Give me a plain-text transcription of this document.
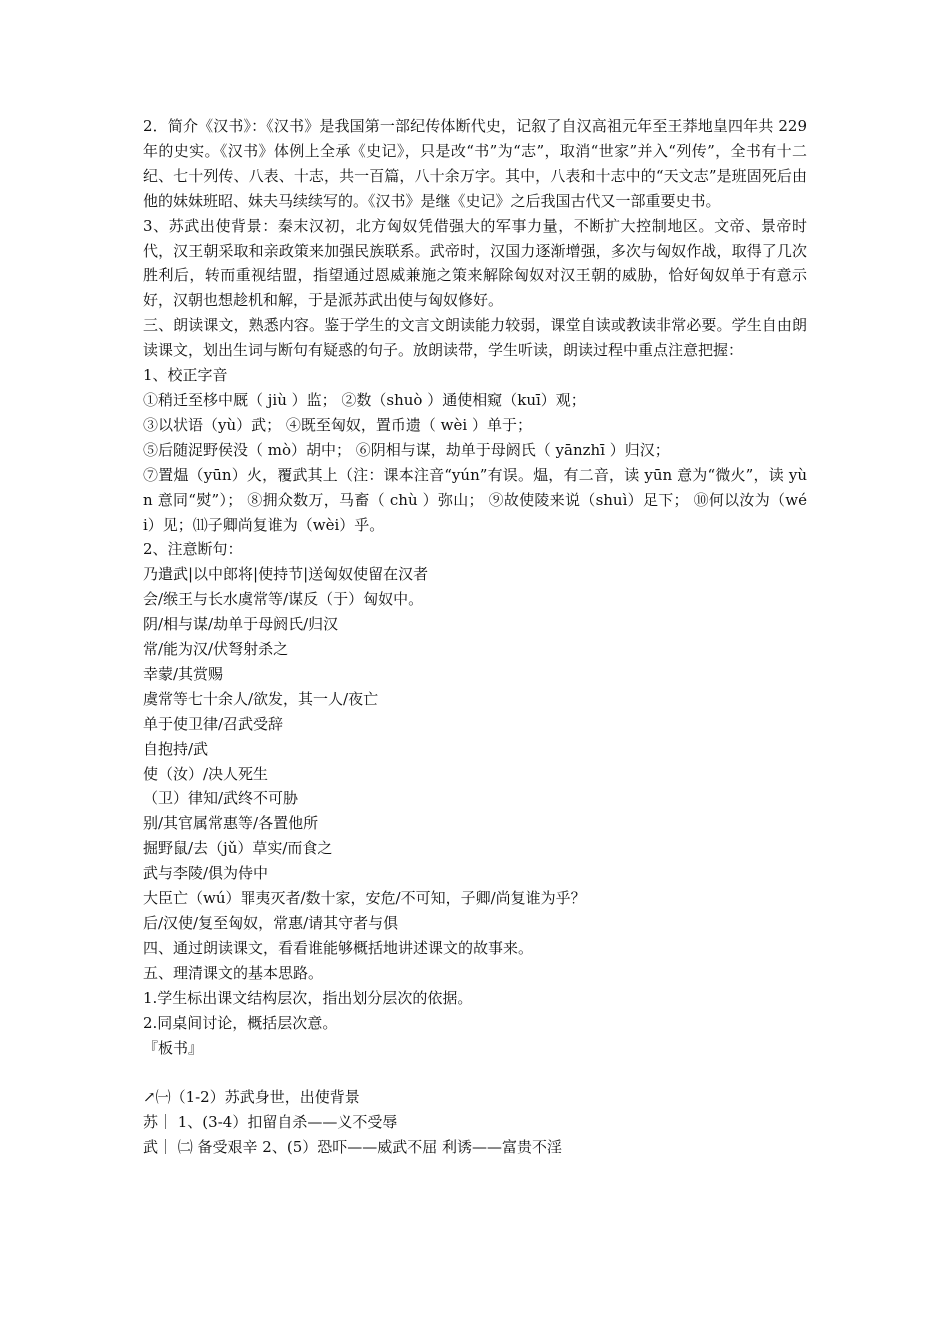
2．简介《汉书》：《汉书》是我国第一部纪传体断代史，记叙了自汉高祖元年至王莽地皇四年共 229 年的史实。《汉书》体例上全承《史记》，只是改“书”为“志”，取消“世家”并入“列传”，全书有十二纪、七十列传、八表、十志，共一百篇，八十余万字。其中，八表和十志中的“天文志”是班固死后由他的妹妹班昭、妹夫马续续写的。《汉书》是继《史记》之后我国古代又一部重要史书。

3、苏武出使背景：秦末汉初，北方匈奴凭借强大的军事力量，不断扩大控制地区。文帝、景帝时代，汉王朝采取和亲政策来加强民族联系。武帝时，汉国力逐渐增强，多次与匈奴作战，取得了几次胜利后，转而重视结盟，指望通过恩威兼施之策来解除匈奴对汉王朝的威胁，恰好匈奴单于有意示好，汉朝也想趁机和解，于是派苏武出使与匈奴修好。

三、朗读课文，熟悉内容。鉴于学生的文言文朗读能力较弱，课堂自读或教读非常必要。学生自由朗读课文，划出生词与断句有疑惑的句子。放朗读带，学生听读，朗读过程中重点注意把握：

1、校正字音

①稍迁至栘中厩（ jiù ）监； ②数（shuò ）通使相窥（kuī）观；

③以状语（yù）武； ④既至匈奴，置币遗（ wèi ）单于；

⑤后随浞野侯没（ mò）胡中； ⑥阴相与谋，劫单于母阏氏（ yānzhī ）归汉；

⑦置煴（yūn）火，覆武其上（注：课本注音“yún”有误。煴，有二音，读 yūn 意为“微火”，读 yùn 意同“熨”）； ⑧拥众数万，马畜（ chù ）弥山； ⑨故使陵来说（shuì）足下； ⑩何以汝为（wéi）见；⑾子卿尚复谁为（wèi）乎。

2、注意断句：

乃遣武|以中郎将|使持节|送匈奴使留在汉者

会/缑王与长水虞常等/谋反（于）匈奴中。

阴/相与谋/劫单于母阏氏/归汉

常/能为汉/伏弩射杀之

幸蒙/其赏赐

虞常等七十余人/欲发，其一人/夜亡

单于使卫律/召武受辞

自抱持/武

使（汝）/决人死生

（卫）律知/武终不可胁

别/其官属常惠等/各置他所

掘野鼠/去（jǔ）草实/而食之

武与李陵/俱为侍中

大臣亡（wú）罪夷灭者/数十家，安危/不可知，子卿/尚复谁为乎？

后/汉使/复至匈奴，常惠/请其守者与俱

四、通过朗读课文，看看谁能够概括地讲述课文的故事来。

五、理清课文的基本思路。

1.学生标出课文结构层次，指出划分层次的依据。

2.同桌间讨论，概括层次意。

『板书』

↗㈠（1-2）苏武身世，出使背景

苏｜ 1、(3-4）扣留自杀——义不受辱

武｜ ㈡ 备受艰辛 2、(5）恐吓——威武不屈 利诱——富贵不淫
